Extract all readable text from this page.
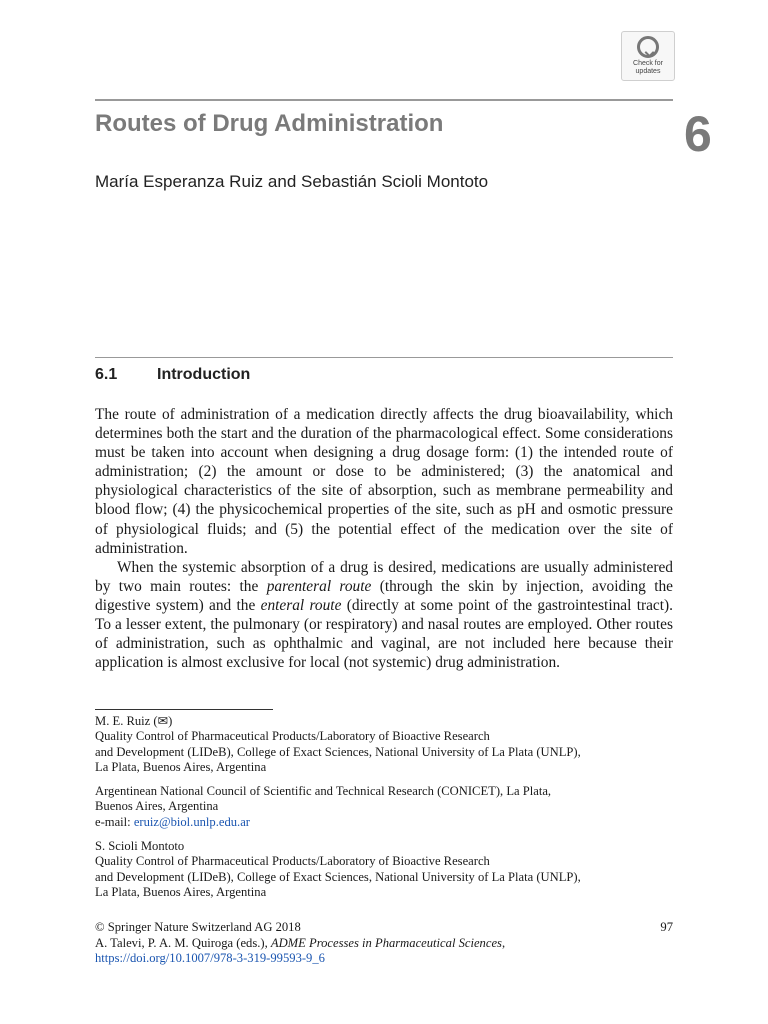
Check for
updates
Routes of Drug Administration	6
María Esperanza Ruiz and Sebastián Scioli Montoto
6.1 Introduction

The route of administration of a medication directly affects the drug bioavailability, which determines both the start and the duration of the pharmacological effect. Some considerations must be taken into account when designing a drug dosage form: (1) the intended route of administration; (2) the amount or dose to be administered; (3) the anatomical and physiological characteristics of the site of absorption, such as membrane permeability and blood flow; (4) the physicochemical properties of the site, such as pH and osmotic pressure of physiological fluids; and (5) the potential effect of the medication over the site of administration.

When the systemic absorption of a drug is desired, medications are usually administered by two main routes: the parenteral route (through the skin by injection, avoiding the digestive system) and the enteral route (directly at some point of the gastrointestinal tract). To a lesser extent, the pulmonary (or respiratory) and nasal routes are employed. Other routes of administration, such as ophthalmic and vaginal, are not included here because their application is almost exclusive for local (not systemic) drug administration.

M. E. Ruiz (✉)
Quality Control of Pharmaceutical Products/Laboratory of Bioactive Research
and Development (LIDeB), College of Exact Sciences, National University of La Plata (UNLP),
La Plata, Buenos Aires, Argentina
Argentinean National Council of Scientific and Technical Research (CONICET), La Plata,
Buenos Aires, Argentina
e-mail: eruiz@biol.unlp.edu.ar
S. Scioli Montoto
Quality Control of Pharmaceutical Products/Laboratory of Bioactive Research
and Development (LIDeB), College of Exact Sciences, National University of La Plata (UNLP),
La Plata, Buenos Aires, Argentina
© Springer Nature Switzerland AG 2018	97
A. Talevi, P. A. M. Quiroga (eds.), ADME Processes in Pharmaceutical Sciences,
https://doi.org/10.1007/978-3-319-99593-9_6
